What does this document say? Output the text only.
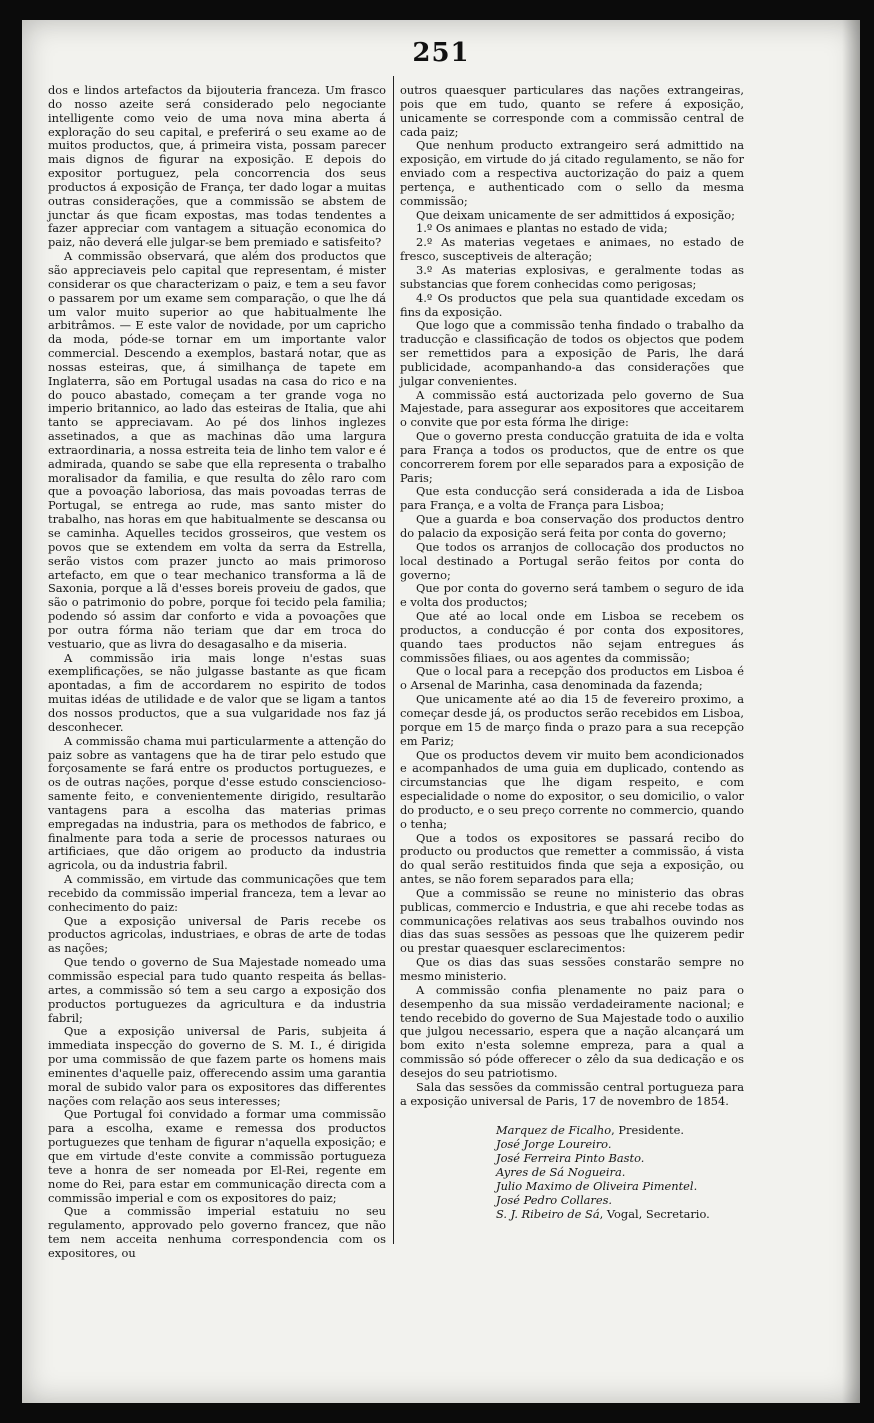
251

dos e lindos artefactos da bijouteria franceza. Um frasco do nosso azeite será considerado pelo negociante intelligente como veio de uma nova mina aberta á exploração do seu capital, e preferirá o seu exame ao de muitos productos, que, á primeira vista, possam parecer mais dignos de figurar na exposição. E depois do expositor portuguez, pela concorrencia dos seus productos á exposição de França, ter dado logar a muitas outras considerações, que a commissão se abstem de junctar ás que ficam expostas, mas todas tendentes a fazer appreciar com vantagem a situação economica do paiz, não deverá elle julgar-se bem premiado e satisfeito?

A commissão observará, que além dos productos que são appreciaveis pelo capital que representam, é mister considerar os que characterizam o paiz, e tem a seu favor o passarem por um exame sem comparação, o que lhe dá um valor muito superior ao que habitualmente lhe arbitrâmos. — E este valor de novidade, por um capricho da moda, póde-se tornar em um importante valor commercial. Descendo a exemplos, bastará notar, que as nossas esteiras, que, á similhança de tapete em Inglaterra, são em Portugal usadas na casa do rico e na do pouco abastado, começam a ter grande voga no imperio britannico, ao lado das esteiras de Italia, que ahi tanto se appreciavam. Ao pé dos linhos inglezes assetinados, a que as machinas dão uma largura extraordinaria, a nossa estreita teia de linho tem valor e é admirada, quando se sabe que ella representa o trabalho moralisador da familia, e que resulta do zêlo raro com que a povoação laboriosa, das mais povoadas terras de Portugal, se entrega ao rude, mas santo mister do trabalho, nas horas em que habitualmente se descansa ou se caminha. Aquelles tecidos grosseiros, que vestem os povos que se extendem em volta da serra da Estrella, serão vistos com prazer juncto ao mais primoroso artefacto, em que o tear mechanico transforma a lã de Saxonia, porque a lã d'esses boreis proveiu de gados, que são o patrimonio do pobre, porque foi tecido pela familia; podendo só assim dar conforto e vida a povoações que por outra fórma não teriam que dar em troca do vestuario, que as livra do desagasalho e da miseria.

A commissão iria mais longe n'estas suas exemplificações, se não julgasse bastante as que ficam apontadas, a fim de accordarem no espirito de todos muitas idéas de utilidade e de valor que se ligam a tantos dos nossos productos, que a sua vulgaridade nos faz já desconhecer.

A commissão chama mui particularmente a attenção do paiz sobre as vantagens que ha de tirar pelo estudo que forçosamente se fará entre os productos portuguezes, e os de outras nações, porque d'esse estudo conscienciososamente feito, e convenientemente dirigido, resultarão vantagens para a escolha das materias primas empregadas na industria, para os methodos de fabrico, e finalmente para toda a serie de processos naturaes ou artificiaes, que dão origem ao producto da industria agricola, ou da industria fabril.

A commissão, em virtude das communicações que tem recebido da commissão imperial franceza, tem a levar ao conhecimento do paiz:

Que a exposição universal de Paris recebe os productos agricolas, industriaes, e obras de arte de todas as nações;

Que tendo o governo de Sua Majestade nomeado uma commissão especial para tudo quanto respeita ás bellas-artes, a commissão só tem a seu cargo a exposição dos productos portuguezes da agricultura e da industria fabril;

Que a exposição universal de Paris, subjeita á immediata inspecção do governo de S. M. I., é dirigida por uma commissão de que fazem parte os homens mais eminentes d'aquelle paiz, offerecendo assim uma garantia moral de subido valor para os expositores das differentes nações com relação aos seus interesses;

Que Portugal foi convidado a formar uma commissão para a escolha, exame e remessa dos productos portuguezes que tenham de figurar n'aquella exposição; e que em virtude d'este convite a commissão portugueza teve a honra de ser nomeada por El-Rei, regente em nome do Rei, para estar em communicação directa com a commissão imperial e com os expositores do paiz;

Que a commissão imperial estatuiu no seu regulamento, approvado pelo governo francez, que não tem nem acceita nenhuma correspondencia com os expositores, ou

outros quaesquer particulares das nações extrangeiras, pois que em tudo, quanto se refere á exposição, unicamente se corresponde com a commissão central de cada paiz;

Que nenhum producto extrangeiro será admittido na exposição, em virtude do já citado regulamento, se não for enviado com a respectiva auctorização do paiz a quem pertença, e authenticado com o sello da mesma commissão;

Que deixam unicamente de ser admittidos á exposição;

1.º Os animaes e plantas no estado de vida;

2.º As materias vegetaes e animaes, no estado de fresco, susceptiveis de alteração;

3.º As materias explosivas, e geralmente todas as substancias que forem conhecidas como perigosas;

4.º Os productos que pela sua quantidade excedam os fins da exposição.

Que logo que a commissão tenha findado o trabalho da traducção e classificação de todos os objectos que podem ser remettidos para a exposição de Paris, lhe dará publicidade, acompanhando-a das considerações que julgar convenientes.

A commissão está auctorizada pelo governo de Sua Majestade, para assegurar aos expositores que acceitarem o convite que por esta fórma lhe dirige:

Que o governo presta conducção gratuita de ida e volta para França a todos os productos, que de entre os que concorrerem forem por elle separados para a exposição de Paris;

Que esta conducção será considerada a ida de Lisboa para França, e a volta de França para Lisboa;

Que a guarda e boa conservação dos productos dentro do palacio da exposição será feita por conta do governo;

Que todos os arranjos de collocação dos productos no local destinado a Portugal serão feitos por conta do governo;

Que por conta do governo será tambem o seguro de ida e volta dos productos;

Que até ao local onde em Lisboa se recebem os productos, a conducção é por conta dos expositores, quando taes productos não sejam entregues ás commissões filiaes, ou aos agentes da commissão;

Que o local para a recepção dos productos em Lisboa é o Arsenal de Marinha, casa denominada da fazenda;

Que unicamente até ao dia 15 de fevereiro proximo, a começar desde já, os productos serão recebidos em Lisboa, porque em 15 de março finda o prazo para a sua recepção em Pariz;

Que os productos devem vir muito bem acondicionados e acompanhados de uma guia em duplicado, contendo as circumstancias que lhe digam respeito, e com especialidade o nome do expositor, o seu domicilio, o valor do producto, e o seu preço corrente no commercio, quando o tenha;

Que a todos os expositores se passará recibo do producto ou productos que remetter a commissão, á vista do qual serão restituidos finda que seja a exposição, ou antes, se não forem separados para ella;

Que a commissão se reune no ministerio das obras publicas, commercio e Industria, e que ahi recebe todas as communicações relativas aos seus trabalhos ouvindo nos dias das suas sessões as pessoas que lhe quizerem pedir ou prestar quaesquer esclarecimentos:

Que os dias das suas sessões constarão sempre no mesmo ministerio.

A commissão confia plenamente no paiz para o desempenho da sua missão verdadeiramente nacional; e tendo recebido do governo de Sua Majestade todo o auxilio que julgou necessario, espera que a nação alcançará um bom exito n'esta solemne empreza, para a qual a commissão só póde offerecer o zêlo da sua dedicação e os desejos do seu patriotismo.

Sala das sessões da commissão central portugueza para a exposição universal de Paris, 17 de novembro de 1854.

Marquez de Ficalho, Presidente.
José Jorge Loureiro.
José Ferreira Pinto Basto.
Ayres de Sá Nogueira.
Julio Maximo de Oliveira Pimentel.
José Pedro Collares.
S. J. Ribeiro de Sá, Vogal, Secretario.
